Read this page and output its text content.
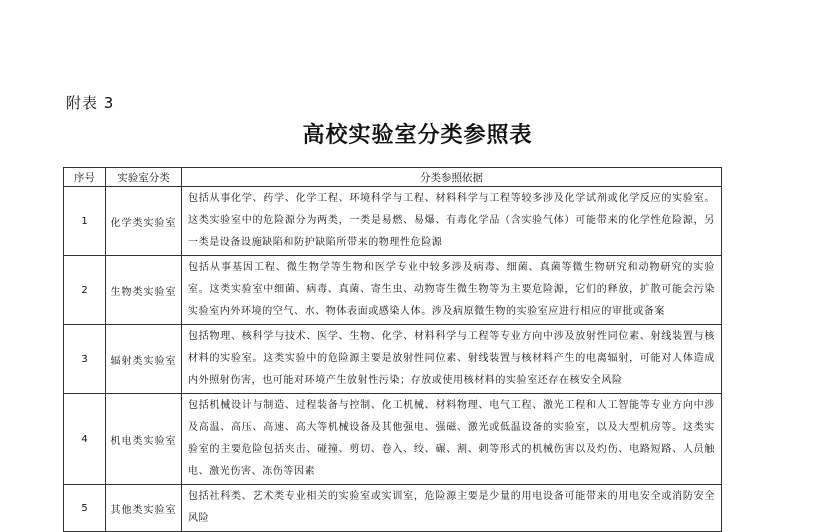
附表 3
高校实验室分类参照表
序号	实验室分类	分类参照依据
1	化学类实验室	包括从事化学、药学、化学工程、环境科学与工程、材料科学与工程等较多涉及化学试剂或化学反应的实验室。这类实验室中的危险源分为两类，一类是易燃、易爆、有毒化学品（含实验气体）可能带来的化学性危险源，另一类是设备设施缺陷和防护缺陷所带来的物理性危险源
2	生物类实验室	包括从事基因工程、微生物学等生物和医学专业中较多涉及病毒、细菌、真菌等微生物研究和动物研究的实验室。这类实验室中细菌、病毒、真菌、寄生虫、动物寄生微生物等为主要危险源，它们的释放，扩散可能会污染实验室内外环境的空气、水、物体表面或感染人体。涉及病原微生物的实验室应进行相应的审批或备案
3	辐射类实验室	包括物理、核科学与技术、医学、生物、化学、材料科学与工程等专业方向中涉及放射性同位素、射线装置与核材料的实验室。这类实验中的危险源主要是放射性同位素、射线装置与核材料产生的电离辐射，可能对人体造成内外照射伤害，也可能对环境产生放射性污染；存放或使用核材料的实验室还存在核安全风险
4	机电类实验室	包括机械设计与制造、过程装备与控制、化工机械、材料物理、电气工程、激光工程和人工智能等专业方向中涉及高温、高压、高速、高大等机械设备及其他强电、强磁、激光或低温设备的实验室，以及大型机房等。这类实验室的主要危险包括夹击、碰撞、剪切、卷入、绞、碾、割、刺等形式的机械伤害以及灼伤、电路短路、人员触电、激光伤害、冻伤等因素
5	其他类实验室	包括社科类、艺术类专业相关的实验室或实训室，危险源主要是少量的用电设备可能带来的用电安全或消防安全风险
